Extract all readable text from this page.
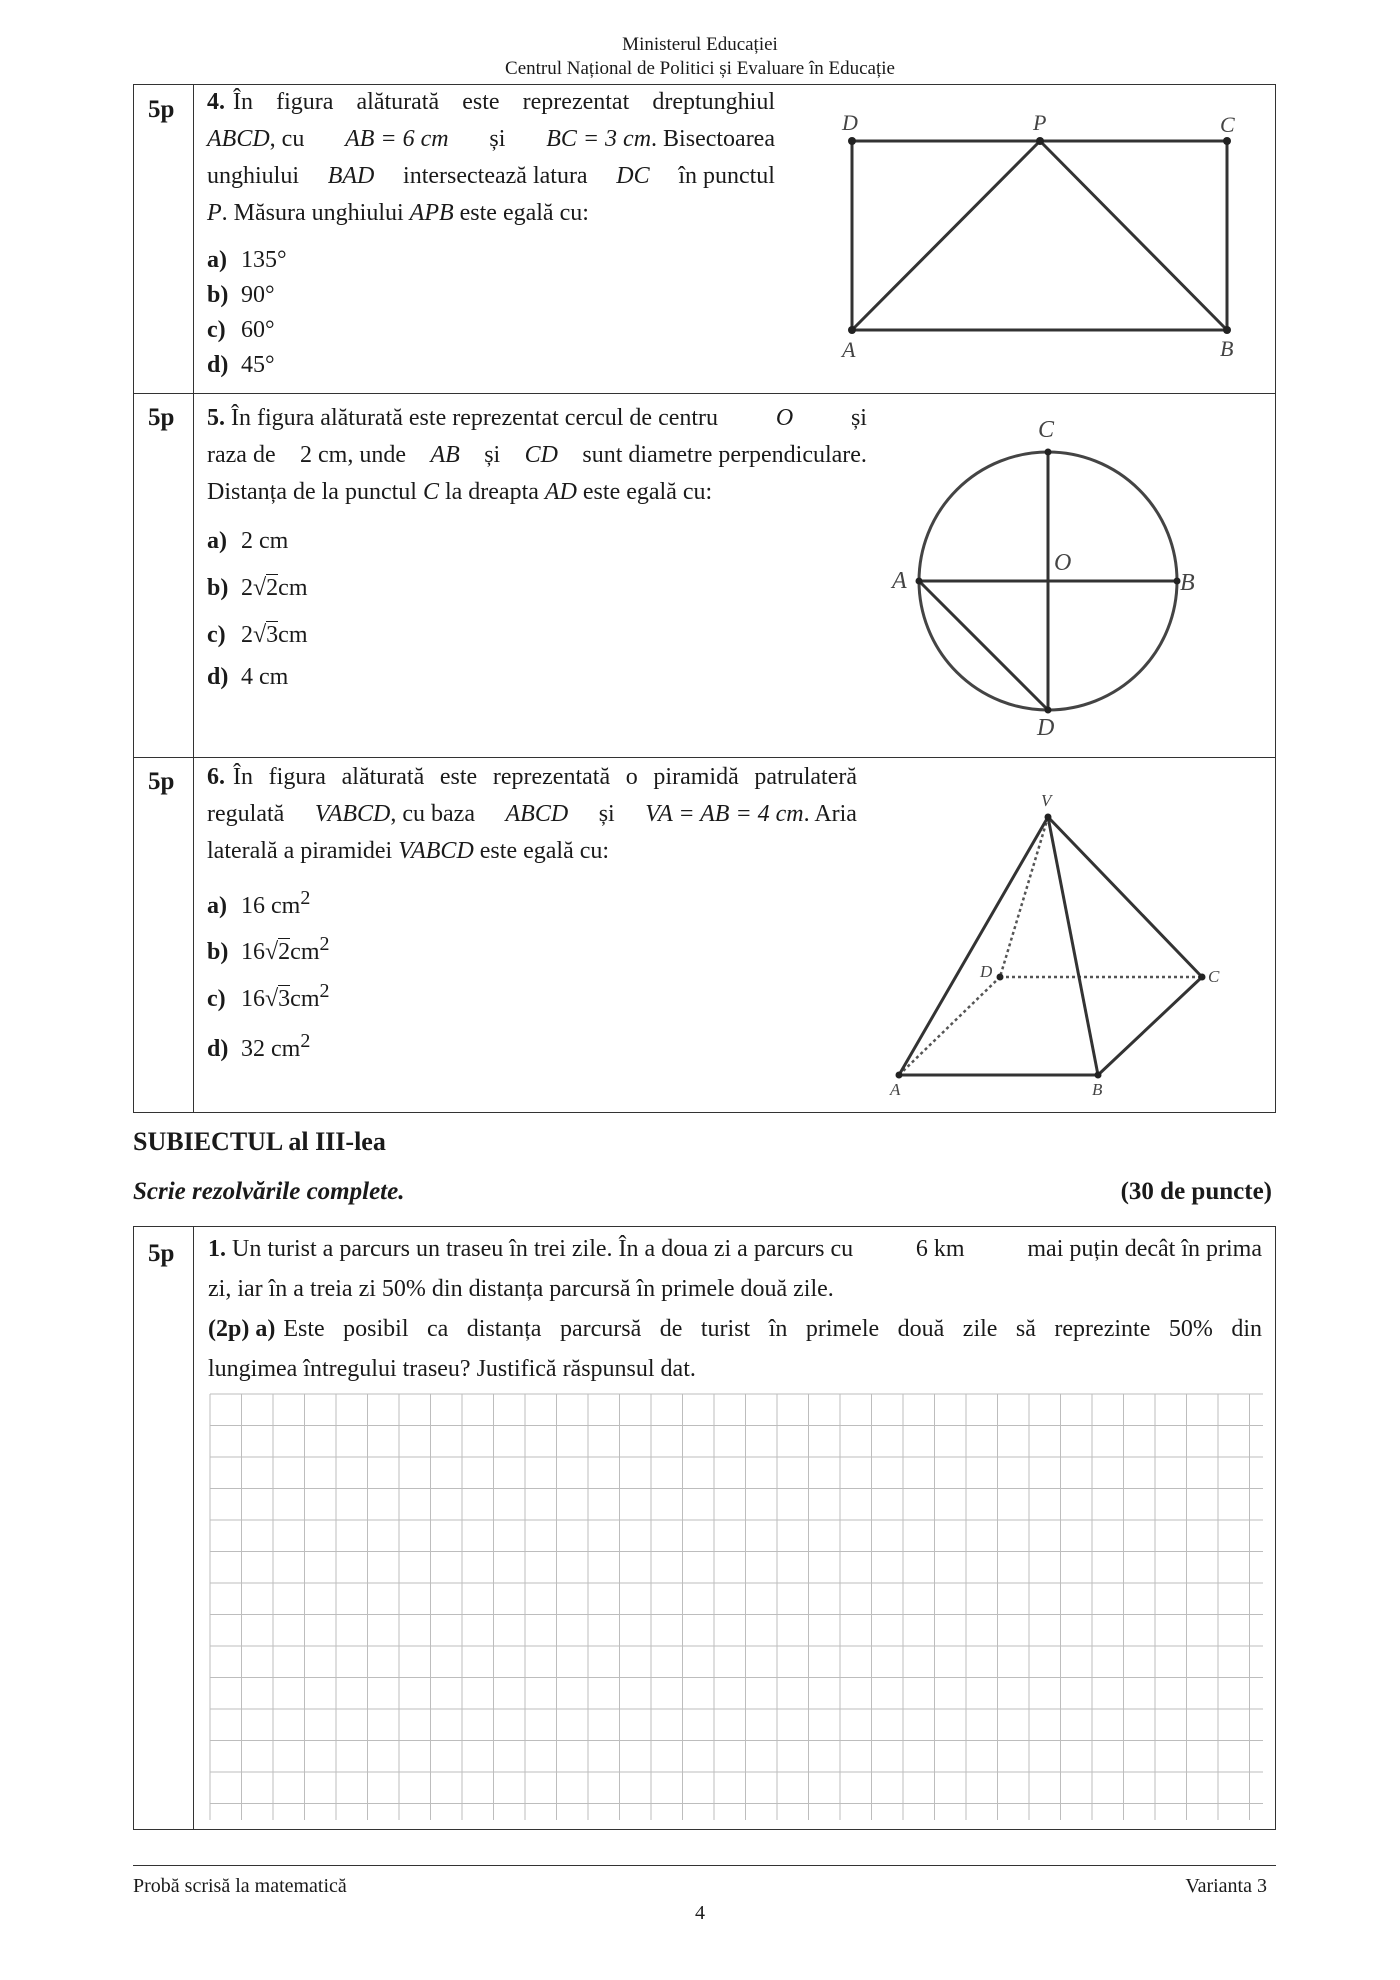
Ministerul Educației
Centrul Național de Politici și Evaluare în Educație
5p 4. În figura alăturată este reprezentat dreptunghiul
ABCD, cu AB = 6 cm și BC = 3 cm. Bisectoarea
unghiului BAD intersectează latura DC în punctul
P. Măsura unghiului APB este egală cu:
a) 135°
b) 90°
c) 60°
d) 45°
D	P	C
A	B
5p 5. În figura alăturată este reprezentat cercul de centru O și
raza de 2 cm, unde AB și CD sunt diametre perpendiculare.
Distanța de la punctul C la dreapta AD este egală cu:
a) 2 cm
b) 2√2cm
c) 2√3cm
d) 4 cm
C
O
A	B
D
5p 6. În figura alăturată este reprezentată o piramidă patrulateră
regulată VABCD, cu baza ABCD și VA = AB = 4 cm. Aria
laterală a piramidei VABCD este egală cu:
a) 16 $cm^2$
b) $16√2cm^2$
c) $16√3cm^2$
d) 32 $cm^2$
V
D	C
A	B
SUBIECTUL al III-lea
Scrie rezolvările complete.	(30 de puncte)
5p 1. Un turist a parcurs un traseu în trei zile. În a doua zi a parcurs cu	6 km	mai puțin decât în prima
zi, iar în a treia zi 50% din distanța parcursă în primele două zile.
(2p) a) Este posibil ca distanța parcursă de turist în primele două zile să reprezinte 50% din
lungimea întregului traseu? Justifică răspunsul dat.
Probă scrisă la matematică	Varianta 3
4
